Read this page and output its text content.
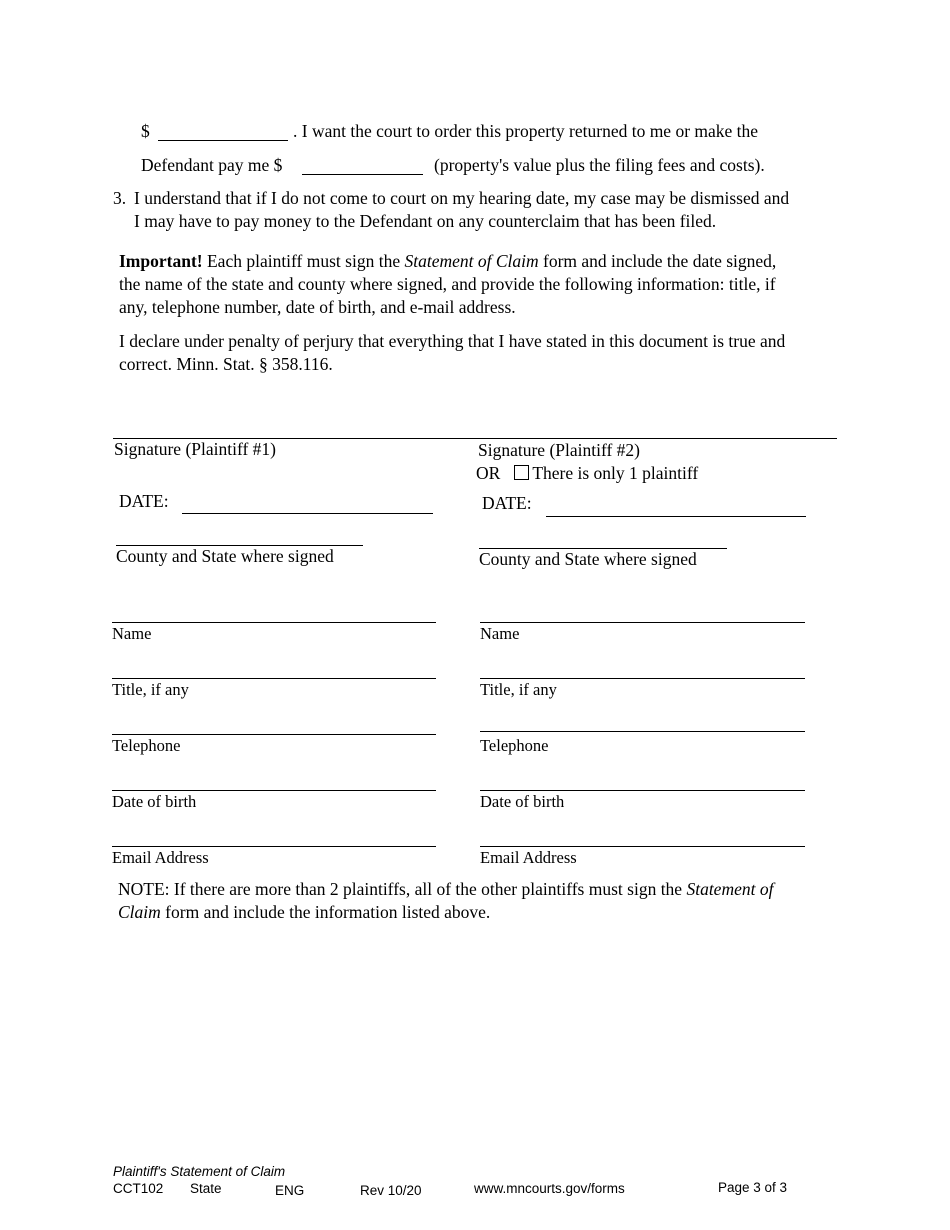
$	. I want the court to order this property returned to me or make the
Defendant pay me $	(property's value plus the filing fees and costs).
3. I understand that if I do not come to court on my hearing date, my case may be dismissed and
I may have to pay money to the Defendant on any counterclaim that has been filed.
Important! Each plaintiff must sign the Statement of Claim form and include the date signed,
the name of the state and county where signed, and provide the following information: title, if
any, telephone number, date of birth, and e-mail address.
I declare under penalty of perjury that everything that I have stated in this document is true and
correct. Minn. Stat. § 358.116.
Signature (Plaintiff #1)
DATE:
County and State where signed
Name
Title, if any
Telephone
Date of birth
Email Address
Signature (Plaintiff #2)
OR There is only 1 plaintiff
DATE:
County and State where signed
Name
Title, if any
Telephone
Date of birth
Email Address
NOTE: If there are more than 2 plaintiffs, all of the other plaintiffs must sign the Statement of
Claim form and include the information listed above.
Plaintiff's Statement of Claim
CCT102 State	ENG	Rev 10/20	www.mncourts.gov/forms	Page 3 of 3
